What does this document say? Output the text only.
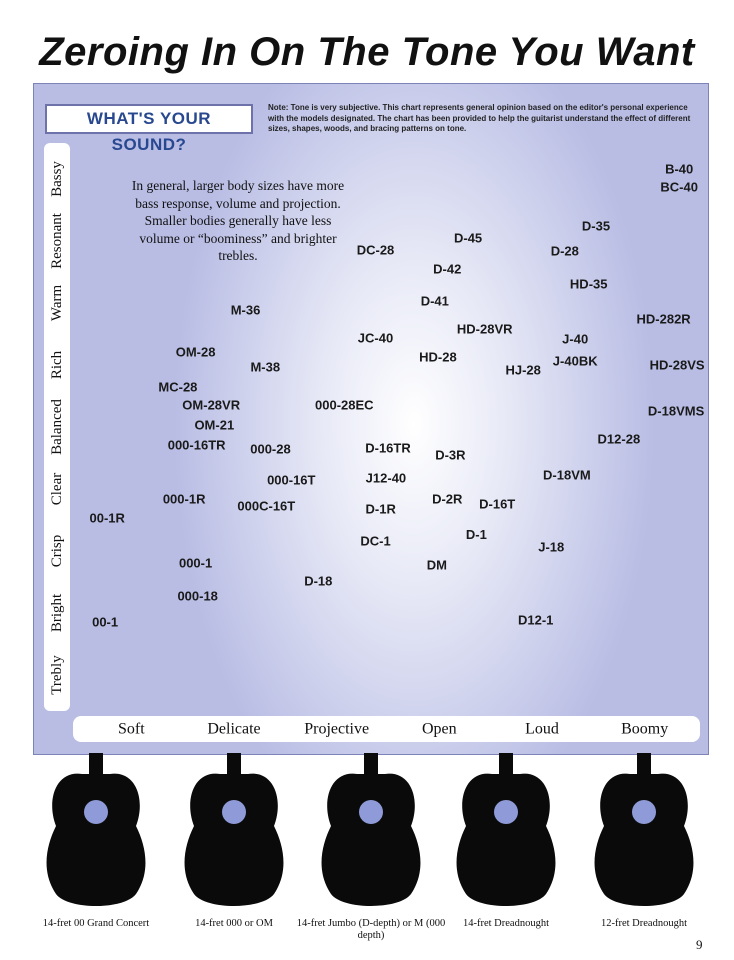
Zeroing In On The Tone You Want
WHAT'S YOUR SOUND?
Note: Tone is very subjective. This chart represents general opinion based on the editor's personal experience with the models designated. The chart has been provided to help the guitarist understand the effect of different sizes, shapes, woods, and bracing patterns on tone.
In general, larger body sizes have more bass response, volume and projection. Smaller bodies generally have less volume or “boominess” and brighter trebles.
Trebly
Bright
Crisp
Clear
Balanced
Rich
Warm
Resonant
Bassy
Soft	Delicate	Projective	Open	Loud	Boomy
B-40
BC-40
D-35
D-45
D-28
DC-28
D-42
HD-35
D-41
HD-282R
M-36
HD-28VR
JC-40	J-40
OM-28	HD-28	J-40BK	HD-28VS
M-38	HJ-28
MC-28
000-28EC
OM-28VR	D-18VMS
OM-21
D12-28
000-16TR 000-28	D-16TR D-3R
D-18VM
000-16T	J12-40
000-1R	D-2R
000C-16T	D-16T
D-1R
00-1R
D-1
DC-1	J-18
000-1	DM
D-18
000-18
00-1	D12-1
14-fret 00 Grand Concert	14-fret 000 or OM	14-fret Jumbo (D-depth) or M (000 depth)
14-fret Dreadnought	12-fret Dreadnought
9
